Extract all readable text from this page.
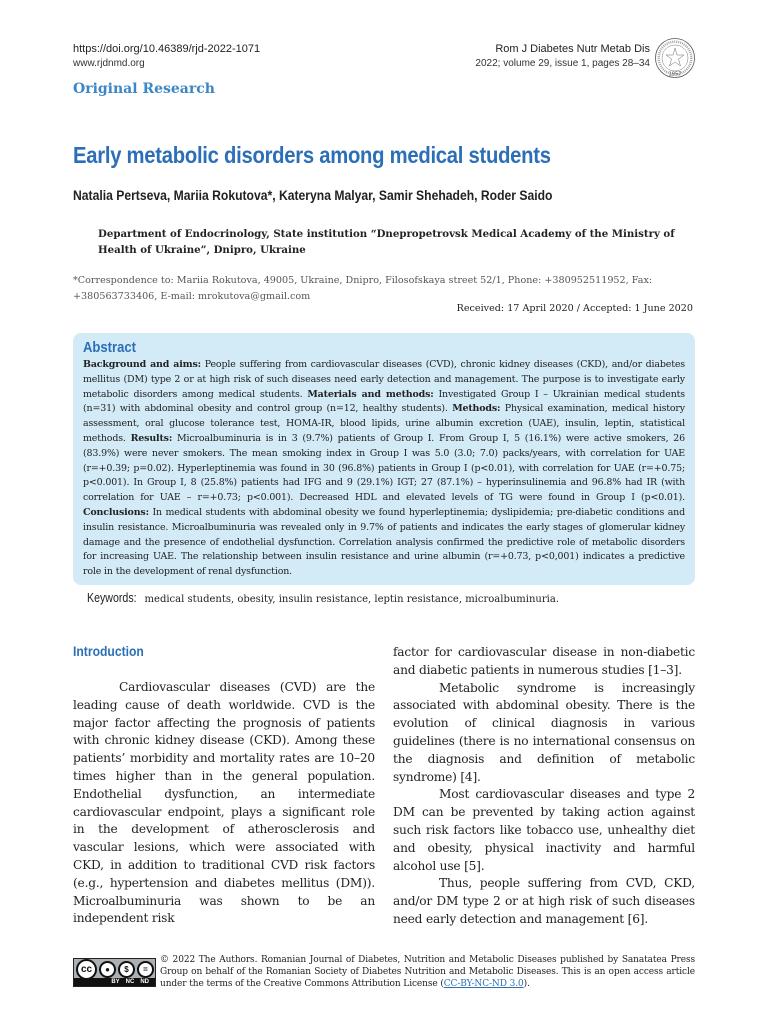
https://doi.org/10.46389/rjd-2022-1071
www.rjdnmd.org
Rom J Diabetes Nutr Metab Dis
2022; volume 29, issue 1, pages 28–34
1957
Original Research
Early metabolic disorders among medical students
Natalia Pertseva, Mariia Rokutova*, Kateryna Malyar, Samir Shehadeh, Roder Saido
Department of Endocrinology, State institution “Dnepropetrovsk Medical Academy of the Ministry of Health of Ukraine”, Dnipro, Ukraine
*Correspondence to: Mariia Rokutova, 49005, Ukraine, Dnipro, Filosofskaya street 52/1, Phone: +380952511952, Fax: +380563733406, E-mail: mrokutova@gmail.com
Received: 17 April 2020 / Accepted: 1 June 2020
Abstract
Background and aims: People suffering from cardiovascular diseases (CVD), chronic kidney diseases (CKD), and/or diabetes mellitus (DM) type 2 or at high risk of such diseases need early detection and management. The purpose is to investigate early metabolic disorders among medical students. Materials and methods: Investigated Group I – Ukrainian medical students (n=31) with abdominal obesity and control group (n=12, healthy students). Methods: Physical examination, medical history assessment, oral glucose tolerance test, HOMA-IR, blood lipids, urine albumin excretion (UAE), insulin, leptin, statistical methods. Results: Microalbuminuria is in 3 (9.7%) patients of Group I. From Group I, 5 (16.1%) were active smokers, 26 (83.9%) were never smokers. The mean smoking index in Group I was 5.0 (3.0; 7.0) packs/years, with correlation for UAE (r=+0.39; p=0.02). Hyperleptinemia was found in 30 (96.8%) patients in Group I (p<0.01), with correlation for UAE (r=+0.75; p<0.001). In Group I, 8 (25.8%) patients had IFG and 9 (29.1%) IGT; 27 (87.1%) – hyperinsulinemia and 96.8% had IR (with correlation for UAE – r=+0.73; p<0.001). Decreased HDL and elevated levels of TG were found in Group I (p<0.01). Conclusions: In medical students with abdominal obesity we found hyperleptinemia; dyslipidemia; pre-diabetic conditions and insulin resistance. Microalbuminuria was revealed only in 9.7% of patients and indicates the early stages of glomerular kidney damage and the presence of endothelial dysfunction. Correlation analysis confirmed the predictive role of metabolic disorders for increasing UAE. The relationship between insulin resistance and urine albumin (r=+0.73, p<0,001) indicates a predictive role in the development of renal dysfunction.
Keywords: medical students, obesity, insulin resistance, leptin resistance, microalbuminuria.
Introduction

Cardiovascular diseases (CVD) are the leading cause of death worldwide. CVD is the major factor affecting the prognosis of patients with chronic kidney disease (CKD). Among these patients’ morbidity and mortality rates are 10–20 times higher than in the general population. Endothelial dysfunction, an intermediate cardiovascular endpoint, plays a significant role in the development of atherosclerosis and vascular lesions, which were associated with CKD, in addition to traditional CVD risk factors (e.g., hypertension and diabetes mellitus (DM)). Microalbuminuria was shown to be an independent risk

factor for cardiovascular disease in non-diabetic and diabetic patients in numerous studies [1–3].

Metabolic syndrome is increasingly associated with abdominal obesity. There is the evolution of clinical diagnosis in various guidelines (there is no international consensus on the diagnosis and definition of metabolic syndrome) [4].

Most cardiovascular diseases and type 2 DM can be prevented by taking action against such risk factors like tobacco use, unhealthy diet and obesity, physical inactivity and harmful alcohol use [5].

Thus, people suffering from CVD, CKD, and/or DM type 2 or at high risk of such diseases need early detection and management [6].

cc	●	$	=
BY NC ND
© 2022 The Authors. Romanian Journal of Diabetes, Nutrition and Metabolic Diseases published by Sanatatea Press Group on behalf of the Romanian Society of Diabetes Nutrition and Metabolic Diseases. This is an open access article under the terms of the Creative Commons Attribution License (CC-BY-NC-ND 3.0).
